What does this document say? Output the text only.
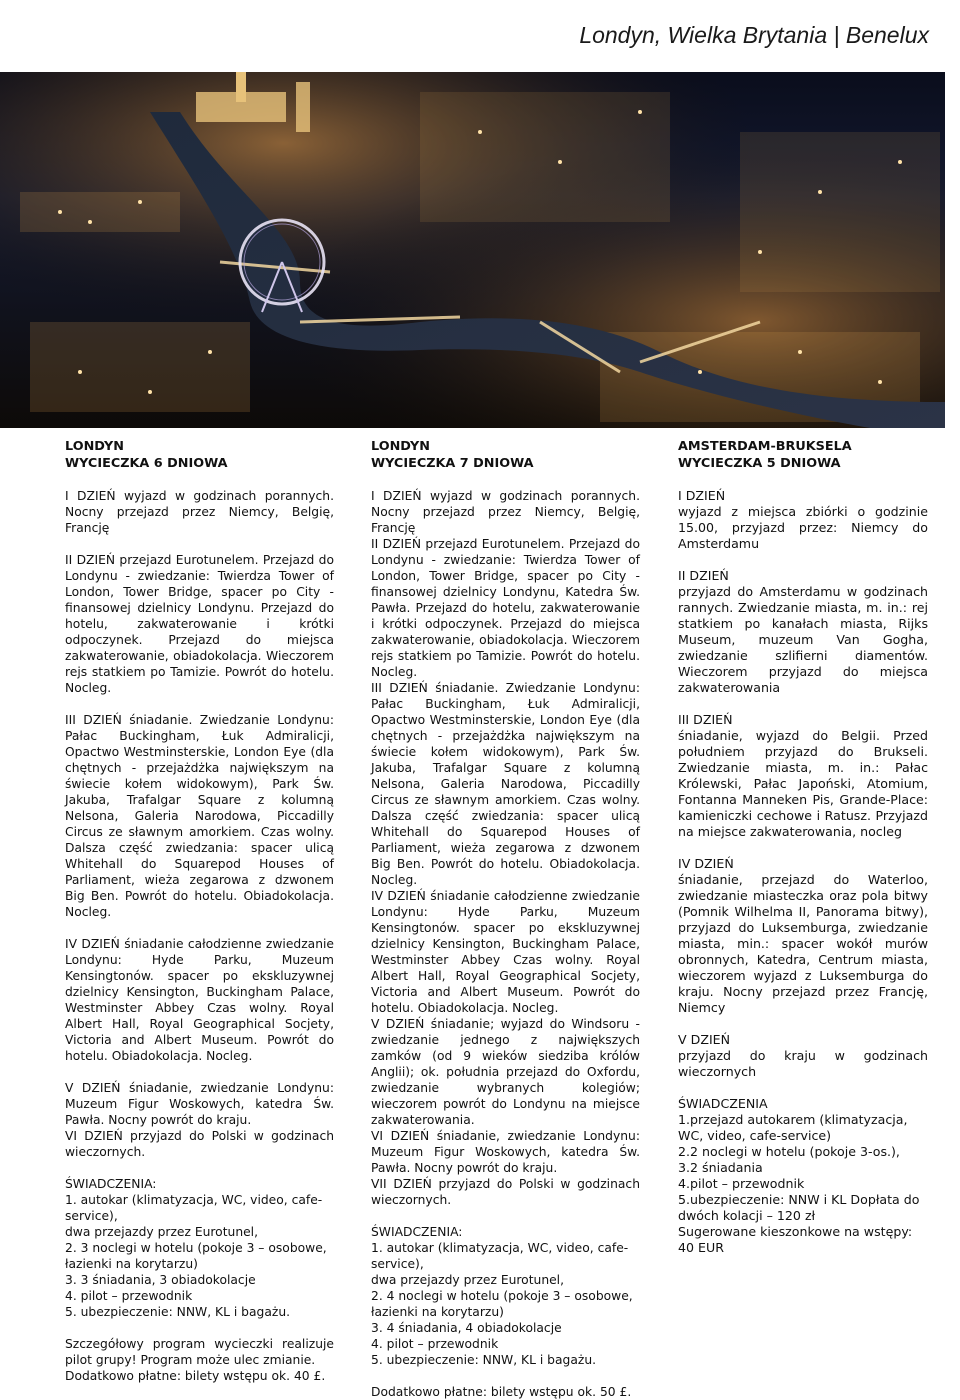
Londyn, Wielka Brytania | Benelux
LONDYN
WYCIECZKA 6 DNIOWA
I DZIEŃ wyjazd w godzinach porannych. Nocny przejazd przez Niemcy, Belgię, Francję
II DZIEŃ przejazd Eurotunelem. Przejazd do Londynu - zwiedzanie: Twierdza Tower of London, Tower Bridge, spacer po City - finansowej dzielnicy Londynu. Przejazd do hotelu, zakwaterowanie i krótki odpoczynek. Przejazd do miejsca zakwaterowanie, obiadokolacja. Wieczorem rejs statkiem po Tamizie. Powrót do hotelu. Nocleg.
III DZIEŃ śniadanie. Zwiedzanie Londynu: Pałac Buckingham, Łuk Admiralicji, Opactwo Westminsterskie, London Eye (dla chętnych - przejażdżka największym na świecie kołem widokowym), Park Św. Jakuba, Trafalgar Square z kolumną Nelsona, Galeria Narodowa, Piccadilly Circus ze sławnym amorkiem. Czas wolny. Dalsza część zwiedzania: spacer ulicą Whitehall do Squarepod Houses of Parliament, wieża zegarowa z dzwonem Big Ben. Powrót do hotelu. Obiadokolacja. Nocleg.
IV DZIEŃ śniadanie całodzienne zwiedzanie Londynu: Hyde Parku, Muzeum Kensingtonów. spacer po ekskluzywnej dzielnicy Kensington, Buckingham Palace, Westminster Abbey Czas wolny. Royal Albert Hall, Royal Geographical Socjety, Victoria and Albert Museum. Powrót do hotelu. Obiadokolacja. Nocleg.
V DZIEŃ śniadanie, zwiedzanie Londynu: Muzeum Figur Woskowych, katedra Św. Pawła. Nocny powrót do kraju.
VI DZIEŃ przyjazd do Polski w godzinach wieczornych.
ŚWIADCZENIA:
1. autokar (klimatyzacja, WC, video, cafe-service),
dwa przejazdy przez Eurotunel,
2. 3 noclegi w hotelu (pokoje 3 – osobowe, łazienki na korytarzu)
3. 3 śniadania, 3 obiadokolacje
4. pilot – przewodnik
5. ubezpieczenie: NNW, KL i bagażu.
Szczegółowy program wycieczki realizuje pilot grupy! Program może ulec zmianie.
Dodatkowo płatne: bilety wstępu ok. 40 £.
LONDYN
WYCIECZKA 7 DNIOWA
I DZIEŃ wyjazd w godzinach porannych. Nocny przejazd przez Niemcy, Belgię, Francję
II DZIEŃ przejazd Eurotunelem. Przejazd do Londynu - zwiedzanie: Twierdza Tower of London, Tower Bridge, spacer po City - finansowej dzielnicy Londynu, Katedra Św. Pawła. Przejazd do hotelu, zakwaterowanie i krótki odpoczynek. Przejazd do miejsca zakwaterowanie, obiadokolacja. Wieczorem rejs statkiem po Tamizie. Powrót do hotelu. Nocleg.
III DZIEŃ śniadanie. Zwiedzanie Londynu: Pałac Buckingham, Łuk Admiralicji, Opactwo Westminsterskie, London Eye (dla chętnych - przejażdżka największym na świecie kołem widokowym), Park Św. Jakuba, Trafalgar Square z kolumną Nelsona, Galeria Narodowa, Piccadilly Circus ze sławnym amorkiem. Czas wolny. Dalsza część zwiedzania: spacer ulicą Whitehall do Squarepod Houses of Parliament, wieża zegarowa z dzwonem Big Ben. Powrót do hotelu. Obiadokolacja. Nocleg.
IV DZIEŃ śniadanie całodzienne zwiedzanie Londynu: Hyde Parku, Muzeum Kensingtonów. spacer po ekskluzywnej dzielnicy Kensington, Buckingham Palace, Westminster Abbey Czas wolny. Royal Albert Hall, Royal Geographical Socjety, Victoria and Albert Museum. Powrót do hotelu. Obiadokolacja. Nocleg.
V DZIEŃ śniadanie; wyjazd do Windsoru - zwiedzanie jednego z największych zamków (od 9 wieków siedziba królów Anglii); ok. południa przejazd do Oxfordu, zwiedzanie wybranych kolegiów; wieczorem powrót do Londynu na miejsce zakwaterowania.
VI DZIEŃ śniadanie, zwiedzanie Londynu: Muzeum Figur Woskowych, katedra Św. Pawła. Nocny powrót do kraju.
VII DZIEŃ przyjazd do Polski w godzinach wieczornych.
ŚWIADCZENIA:
1. autokar (klimatyzacja, WC, video, cafe-service),
dwa przejazdy przez Eurotunel,
2. 4 noclegi w hotelu (pokoje 3 – osobowe, łazienki na korytarzu)
3. 4 śniadania, 4 obiadokolacje
4. pilot – przewodnik
5. ubezpieczenie: NNW, KL i bagażu.
Dodatkowo płatne: bilety wstępu ok. 50 £.
AMSTERDAM-BRUKSELA
WYCIECZKA 5 DNIOWA
I DZIEŃ
wyjazd z miejsca zbiórki o godzinie 15.00, przyjazd przez: Niemcy do Amsterdamu
II DZIEŃ
przyjazd do Amsterdamu w godzinach rannych. Zwiedzanie miasta, m. in.: rej statkiem po kanałach miasta, Rijks Museum, muzeum Van Gogha, zwiedzanie szlifierni diamentów. Wieczorem przyjazd do miejsca zakwaterowania
III DZIEŃ
śniadanie, wyjazd do Belgii. Przed południem przyjazd do Brukseli. Zwiedzanie miasta, m. in.: Pałac Królewski, Pałac Japoński, Atomium, Fontanna Manneken Pis, Grande-Place: kamieniczki cechowe i Ratusz. Przyjazd na miejsce zakwaterowania, nocleg
IV DZIEŃ
śniadanie, przejazd do Waterloo, zwiedzanie miasteczka oraz pola bitwy (Pomnik Wilhelma II, Panorama bitwy), przyjazd do Luksemburga, zwiedzanie miasta, min.: spacer wokół murów obronnych, Katedra, Centrum miasta, wieczorem wyjazd z Luksemburga do kraju. Nocny przejazd przez Francję, Niemcy
V DZIEŃ
przyjazd do kraju w godzinach wieczornych
ŚWIADCZENIA
1.przejazd autokarem (klimatyzacja, WC, video, cafe-service)
2.2 noclegi w hotelu (pokoje 3-os.),
3.2 śniadania
4.pilot – przewodnik
5.ubezpieczenie: NNW i KL Dopłata do dwóch kolacji – 120 zł
Sugerowane kieszonkowe na wstępy: 40 EUR
